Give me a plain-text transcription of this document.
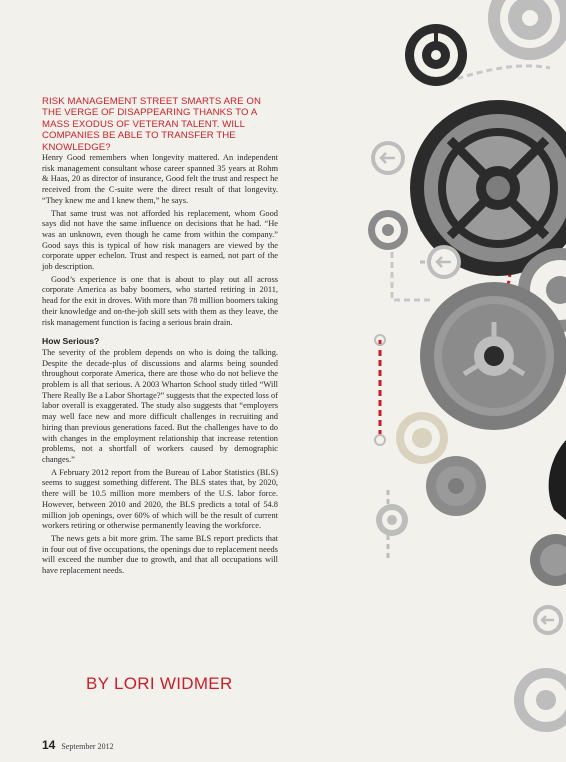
RISK MANAGEMENT STREET SMARTS ARE ON THE VERGE OF DISAPPEARING THANKS TO A MASS EXODUS OF VETERAN TALENT. WILL COMPANIES BE ABLE TO TRANSFER THE KNOWLEDGE?

Henry Good remembers when longevity mattered. An independent risk management consultant whose career spanned 35 years at Rohm & Haas, 20 as director of insurance, Good felt the trust and respect he received from the C-suite were the direct result of that longevity. “They knew me and I knew them,” he says.

That same trust was not afforded his replacement, whom Good says did not have the same influence on decisions that he had. “He was an unknown, even though he came from within the company.” Good says this is typical of how risk managers are viewed by the corporate upper echelon. Trust and respect is earned, not part of the job description.

Good’s experience is one that is about to play out all across corporate America as baby boomers, who started retiring in 2011, head for the exit in droves. With more than 78 million boomers taking their knowledge and on-the-job skill sets with them as they leave, the risk management function is facing a serious brain drain.

How Serious?

The severity of the problem depends on who is doing the talking. Despite the decade-plus of discussions and alarms being sounded throughout corporate America, there are those who do not believe the problem is all that serious. A 2003 Wharton School study titled “Will There Really Be a Labor Shortage?” suggests that the expected loss of labor overall is exaggerated. The study also suggests that “employers may well face new and more difficult challenges in recruiting and hiring than previous generations faced. But the challenges have to do with changes in the employment relationship that increase retention problems, not a shortfall of workers caused by demographic changes.”

A February 2012 report from the Bureau of Labor Statistics (BLS) seems to suggest something different. The BLS states that, by 2020, there will be 10.5 million more members of the U.S. labor force. However, between 2010 and 2020, the BLS predicts a total of 54.8 million job openings, over 60% of which will be the result of current workers retiring or otherwise permanently leaving the workforce.

The news gets a bit more grim. The same BLS report predicts that in four out of five occupations, the openings due to replacement needs will exceed the number due to growth, and that all occupations will have replacement needs.

BY LORI WIDMER
14 September 2012
